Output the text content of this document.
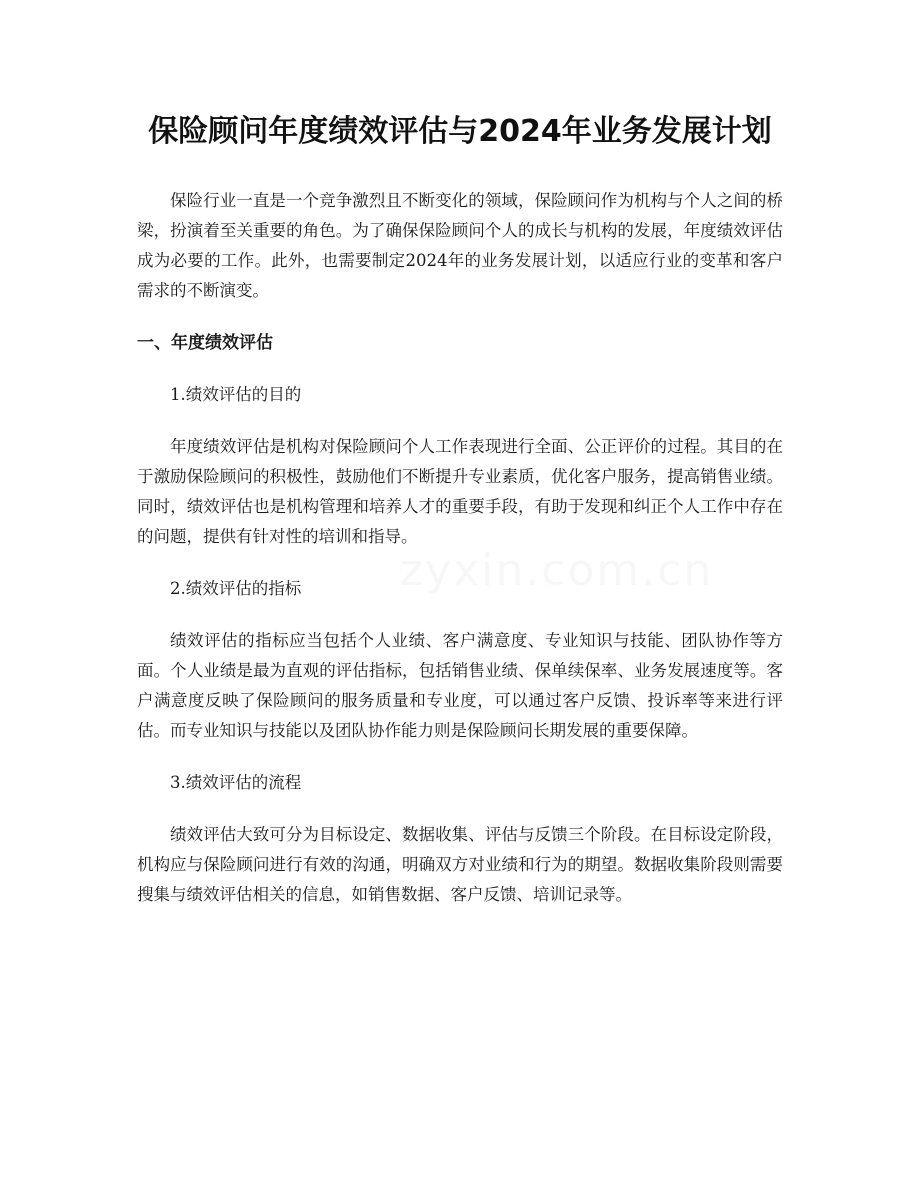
保险顾问年度绩效评估与2024年业务发展计划

保险行业一直是一个竞争激烈且不断变化的领域，保险顾问作为机构与个人之间的桥梁，扮演着至关重要的角色。为了确保保险顾问个人的成长与机构的发展，年度绩效评估成为必要的工作。此外，也需要制定2024年的业务发展计划，以适应行业的变革和客户需求的不断演变。

一、年度绩效评估

1.绩效评估的目的

年度绩效评估是机构对保险顾问个人工作表现进行全面、公正评价的过程。其目的在于激励保险顾问的积极性，鼓励他们不断提升专业素质，优化客户服务，提高销售业绩。同时，绩效评估也是机构管理和培养人才的重要手段，有助于发现和纠正个人工作中存在的问题，提供有针对性的培训和指导。

2.绩效评估的指标

绩效评估的指标应当包括个人业绩、客户满意度、专业知识与技能、团队协作等方面。个人业绩是最为直观的评估指标，包括销售业绩、保单续保率、业务发展速度等。客户满意度反映了保险顾问的服务质量和专业度，可以通过客户反馈、投诉率等来进行评估。而专业知识与技能以及团队协作能力则是保险顾问长期发展的重要保障。

3.绩效评估的流程

绩效评估大致可分为目标设定、数据收集、评估与反馈三个阶段。在目标设定阶段，机构应与保险顾问进行有效的沟通，明确双方对业绩和行为的期望。数据收集阶段则需要搜集与绩效评估相关的信息，如销售数据、客户反馈、培训记录等。

zyxin.com.cn
